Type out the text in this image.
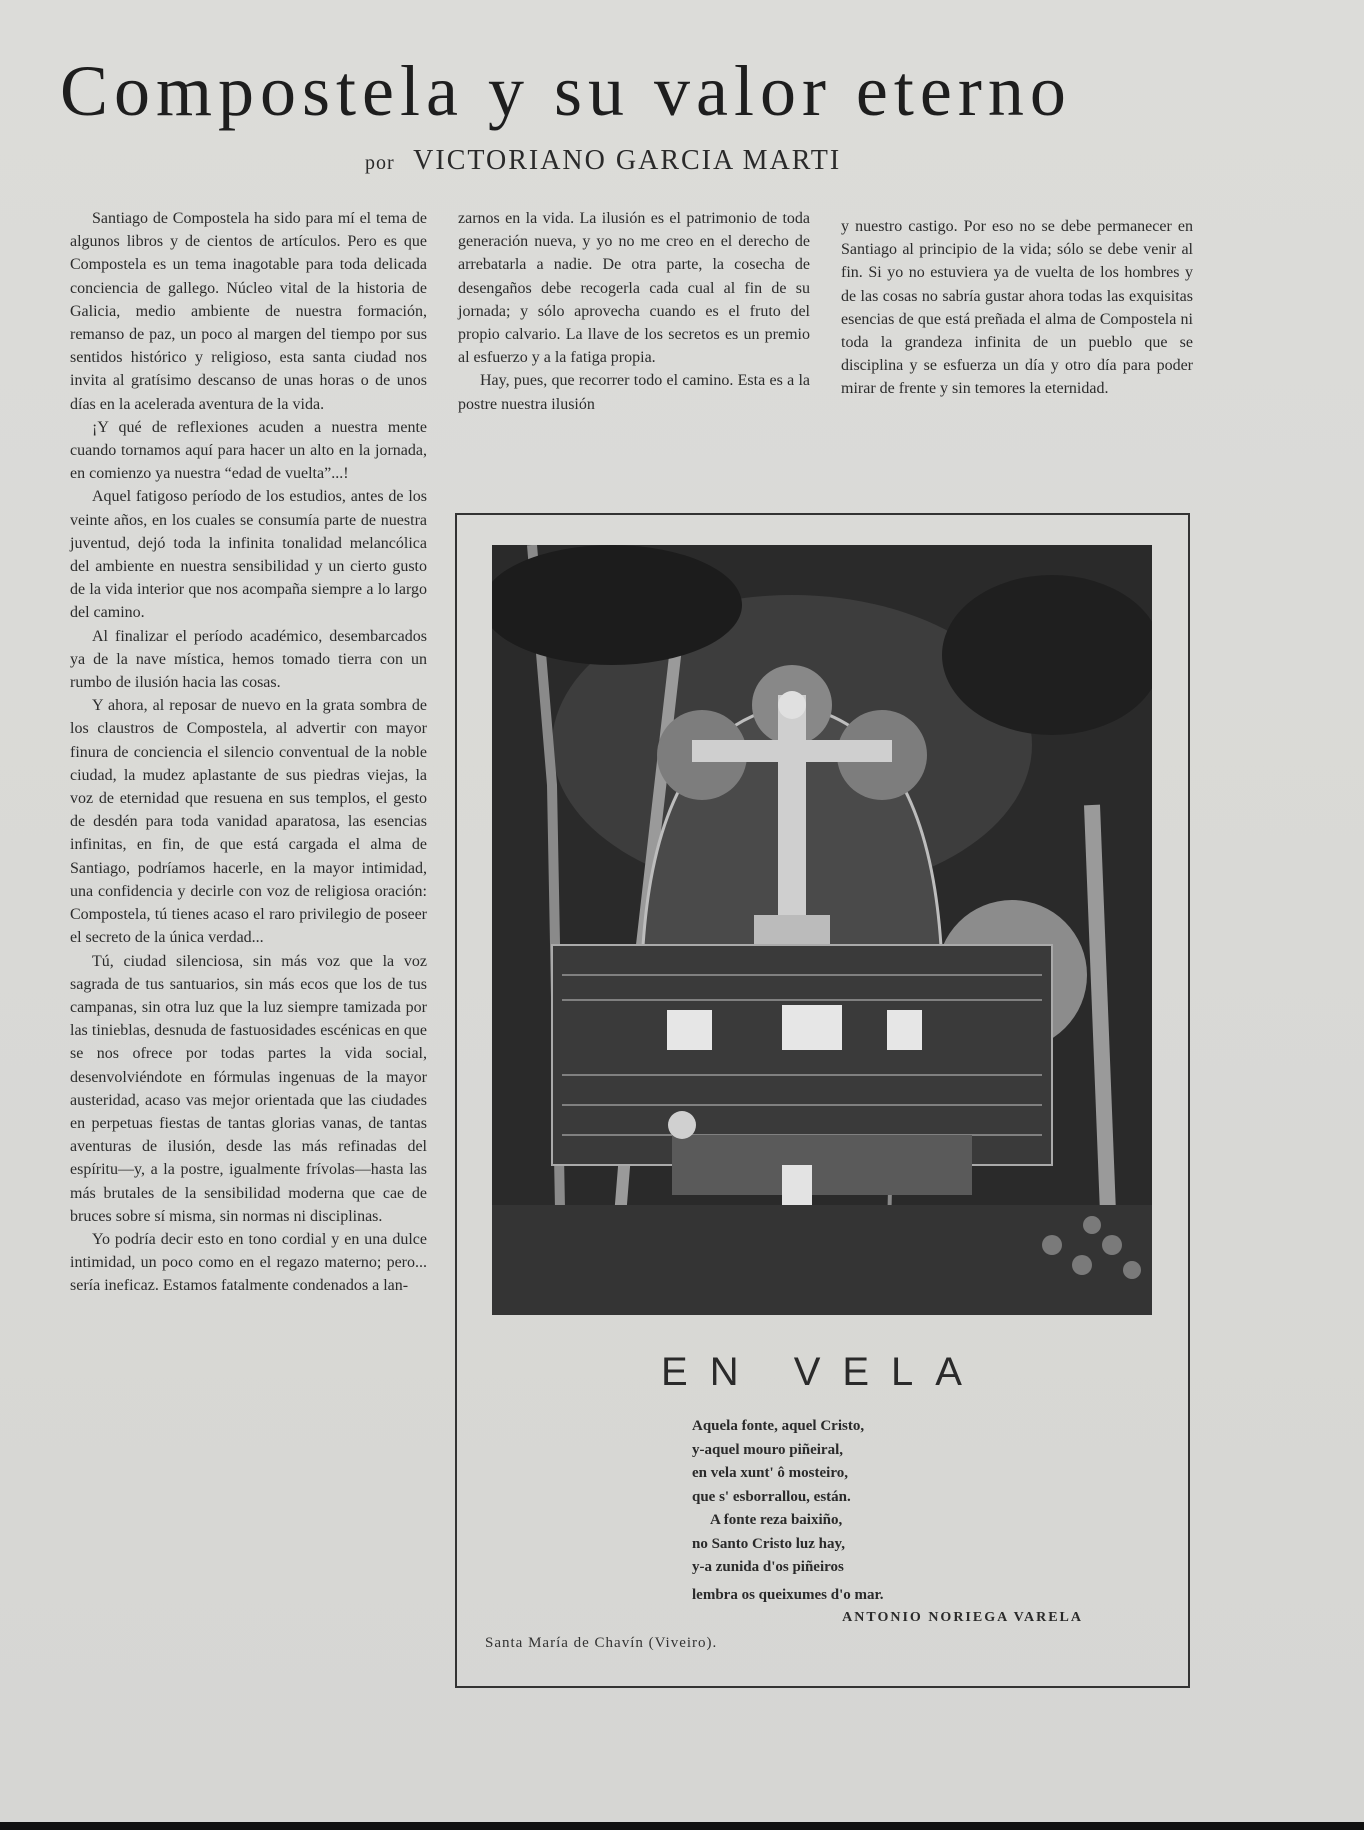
Compostela y su valor eterno
por VICTORIANO GARCIA MARTI

Santiago de Compostela ha sido para mí el tema de algunos libros y de cientos de artículos. Pero es que Compostela es un tema inagotable para toda delicada conciencia de gallego. Núcleo vital de la historia de Galicia, medio ambiente de nuestra formación, remanso de paz, un poco al margen del tiempo por sus sentidos histórico y religioso, esta santa ciudad nos invita al gratísimo descanso de unas horas o de unos días en la acelerada aventura de la vida.

¡Y qué de reflexiones acuden a nuestra mente cuando tornamos aquí para hacer un alto en la jornada, en comienzo ya nuestra “edad de vuelta”...!

Aquel fatigoso período de los estudios, antes de los veinte años, en los cuales se consumía parte de nuestra juventud, dejó toda la infinita tonalidad melancólica del ambiente en nuestra sensibilidad y un cierto gusto de la vida interior que nos acompaña siempre a lo largo del camino.

Al finalizar el período académico, desembarcados ya de la nave mística, hemos tomado tierra con un rumbo de ilusión hacia las cosas.

Y ahora, al reposar de nuevo en la grata sombra de los claustros de Compostela, al advertir con mayor finura de conciencia el silencio conventual de la noble ciudad, la mudez aplastante de sus piedras viejas, la voz de eternidad que resuena en sus templos, el gesto de desdén para toda vanidad aparatosa, las esencias infinitas, en fin, de que está cargada el alma de Santiago, podríamos hacerle, en la mayor intimidad, una confidencia y decirle con voz de religiosa oración: Compostela, tú tienes acaso el raro privilegio de poseer el secreto de la única verdad...

Tú, ciudad silenciosa, sin más voz que la voz sagrada de tus santuarios, sin más ecos que los de tus campanas, sin otra luz que la luz siempre tamizada por las tinieblas, desnuda de fastuosidades escénicas en que se nos ofrece por todas partes la vida social, desenvolviéndote en fórmulas ingenuas de la mayor austeridad, acaso vas mejor orientada que las ciudades en perpetuas fiestas de tantas glorias vanas, de tantas aventuras de ilusión, desde las más refinadas del espíritu—y, a la postre, igualmente frívolas—hasta las más brutales de la sensibilidad moderna que cae de bruces sobre sí misma, sin normas ni disciplinas.

Yo podría decir esto en tono cordial y en una dulce intimidad, un poco como en el regazo materno; pero... sería ineficaz. Estamos fatalmente condenados a lan-

zarnos en la vida. La ilusión es el patrimonio de toda generación nueva, y yo no me creo en el derecho de arrebatarla a nadie. De otra parte, la cosecha de desengaños debe recogerla cada cual al fin de su jornada; y sólo aprovecha cuando es el fruto del propio calvario. La llave de los secretos es un premio al esfuerzo y a la fatiga propia.

Hay, pues, que recorrer todo el camino. Esta es a la postre nuestra ilusión

y nuestro castigo. Por eso no se debe permanecer en Santiago al principio de la vida; sólo se debe venir al fin. Si yo no estuviera ya de vuelta de los hombres y de las cosas no sabría gustar ahora todas las exquisitas esencias de que está preñada el alma de Compostela ni toda la grandeza infinita de un pueblo que se disciplina y se esfuerza un día y otro día para poder mirar de frente y sin temores la eternidad.

EN VELA
Aquela fonte, aquel Cristo,
y-aquel mouro piñeiral,
en vela xunt' ô mosteiro,
que s' esborrallou, están.
A fonte reza baixiño,
no Santo Cristo luz hay,
y-a zunida d'os piñeiros
lembra os queixumes d'o mar.
ANTONIO NORIEGA VARELA
Santa María de Chavín (Viveiro).
